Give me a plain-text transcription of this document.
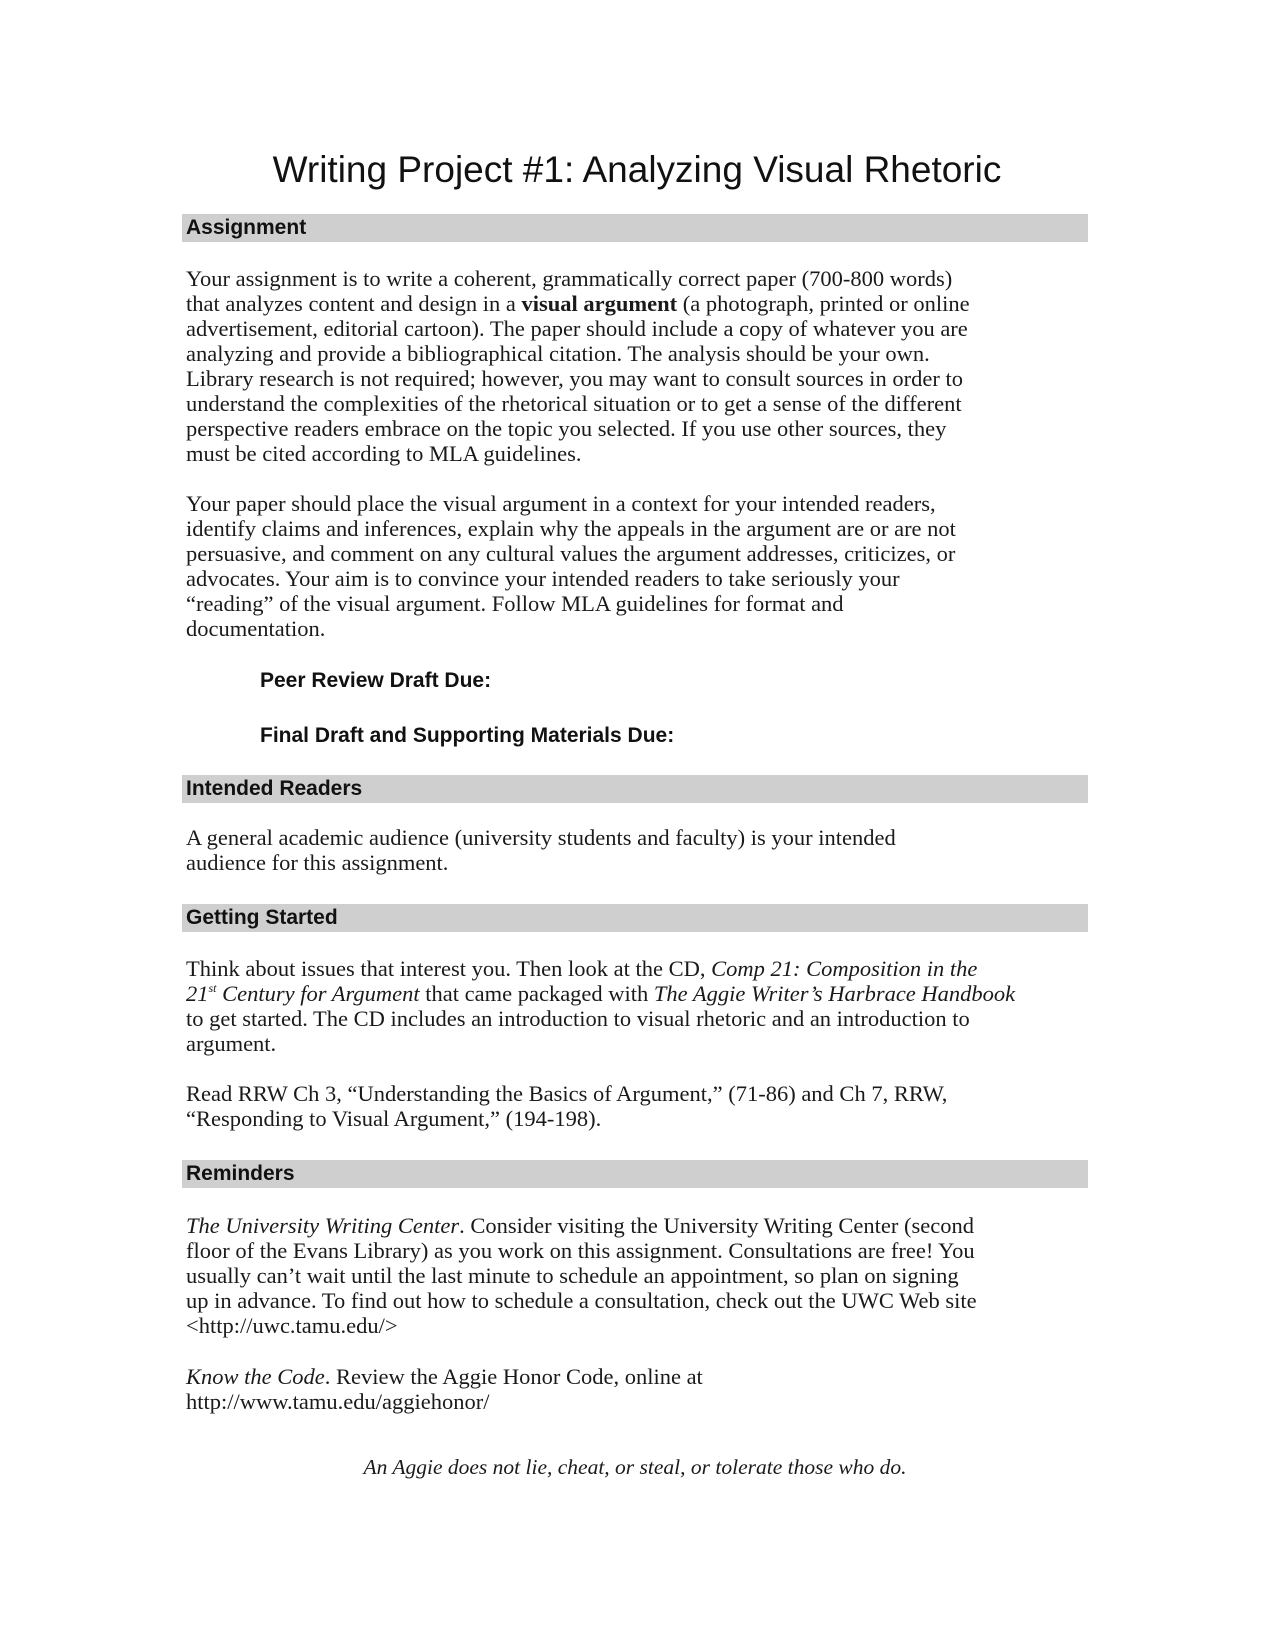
Writing Project #1: Analyzing Visual Rhetoric
Assignment
Your assignment is to write a coherent, grammatically correct paper (700-800 words)
that analyzes content and design in a visual argument (a photograph, printed or online
advertisement, editorial cartoon). The paper should include a copy of whatever you are
analyzing and provide a bibliographical citation. The analysis should be your own.
Library research is not required; however, you may want to consult sources in order to
understand the complexities of the rhetorical situation or to get a sense of the different
perspective readers embrace on the topic you selected. If you use other sources, they
must be cited according to MLA guidelines.
Your paper should place the visual argument in a context for your intended readers,
identify claims and inferences, explain why the appeals in the argument are or are not
persuasive, and comment on any cultural values the argument addresses, criticizes, or
advocates. Your aim is to convince your intended readers to take seriously your
“reading” of the visual argument. Follow MLA guidelines for format and
documentation.
Peer Review Draft Due:
Final Draft and Supporting Materials Due:
Intended Readers
A general academic audience (university students and faculty) is your intended
audience for this assignment.
Getting Started
Think about issues that interest you. Then look at the CD, Comp 21: Composition in the
21st Century for Argument that came packaged with The Aggie Writer’s Harbrace Handbook
to get started. The CD includes an introduction to visual rhetoric and an introduction to
argument.
Read RRW Ch 3, “Understanding the Basics of Argument,” (71-86) and Ch 7, RRW,
“Responding to Visual Argument,” (194-198).
Reminders
The University Writing Center. Consider visiting the University Writing Center (second
floor of the Evans Library) as you work on this assignment. Consultations are free! You
usually can’t wait until the last minute to schedule an appointment, so plan on signing
up in advance. To find out how to schedule a consultation, check out the UWC Web site
<http://uwc.tamu.edu/>
Know the Code. Review the Aggie Honor Code, online at
http://www.tamu.edu/aggiehonor/
An Aggie does not lie, cheat, or steal, or tolerate those who do.
